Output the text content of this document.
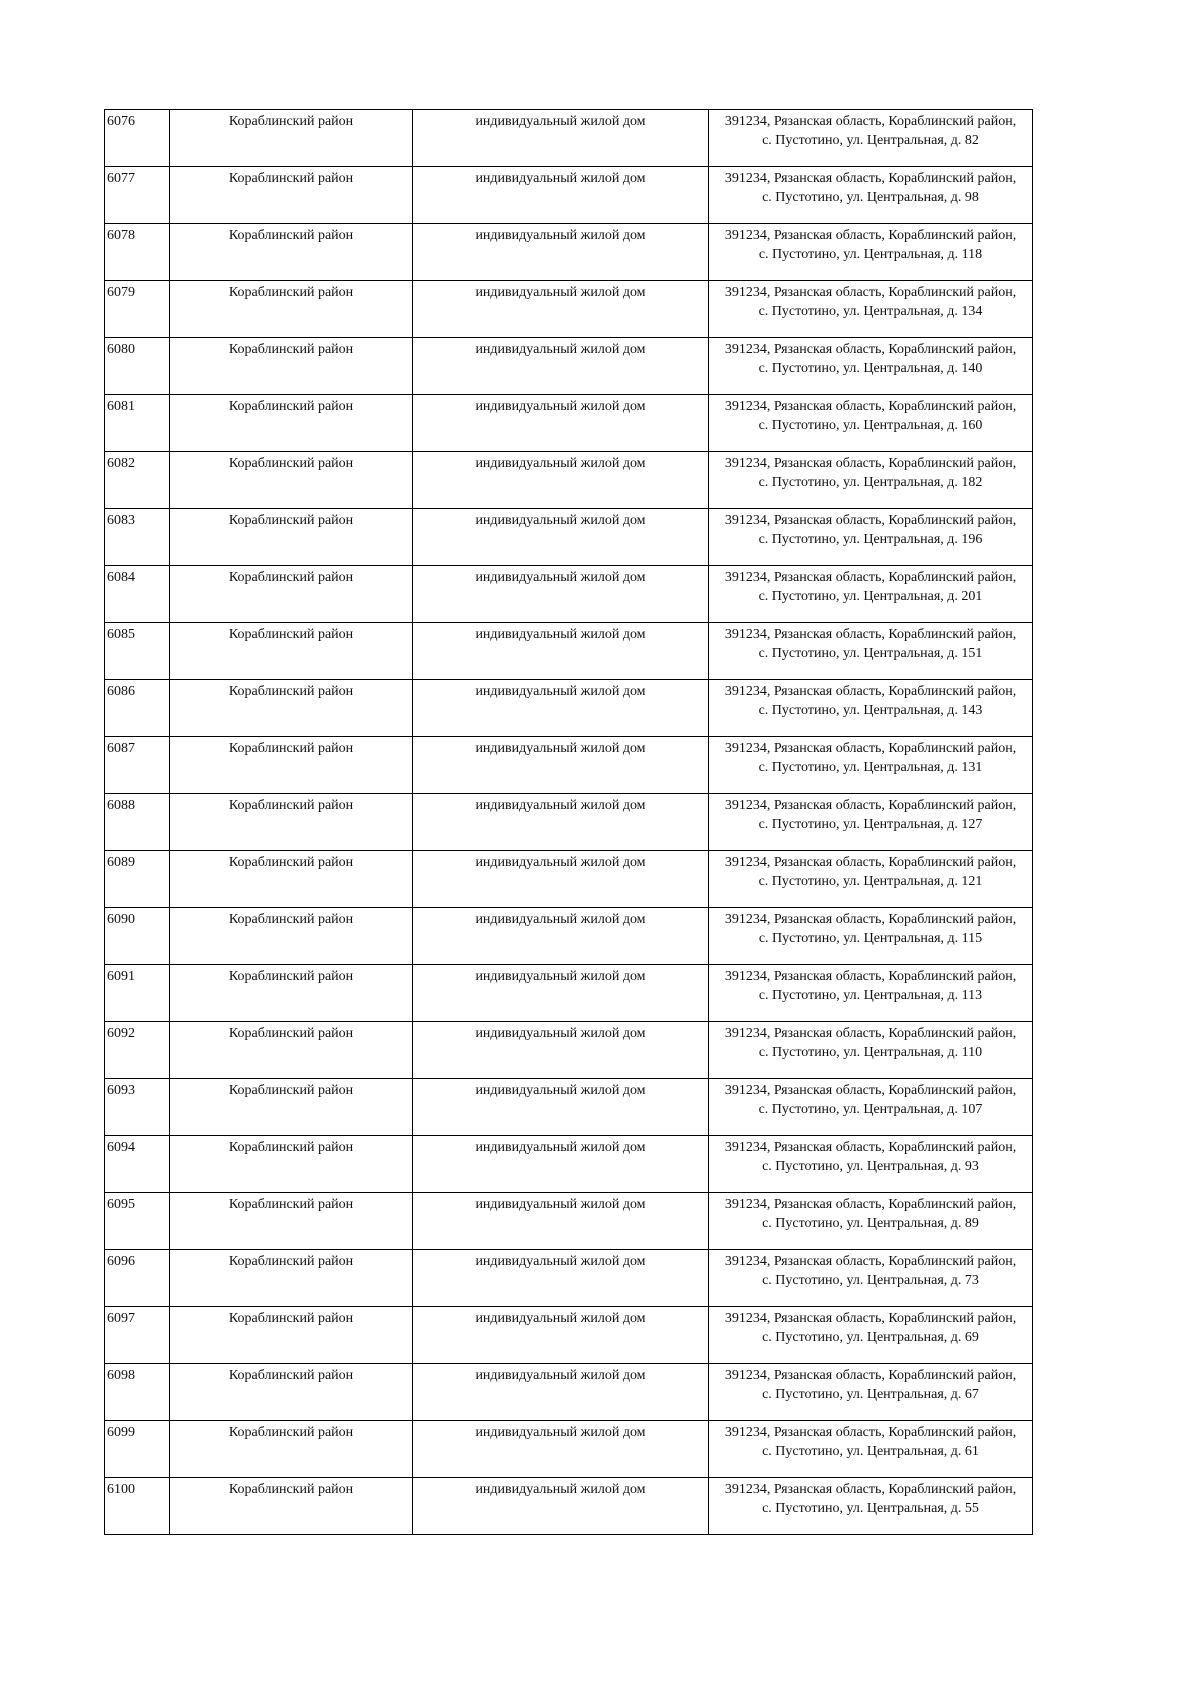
6076	Кораблинский район	индивидуальный жилой дом	391234, Рязанская область, Кораблинский район,
с. Пустотино, ул. Центральная, д. 82

6077	Кораблинский район	индивидуальный жилой дом	391234, Рязанская область, Кораблинский район,
с. Пустотино, ул. Центральная, д. 98

6078	Кораблинский район	индивидуальный жилой дом	391234, Рязанская область, Кораблинский район,
с. Пустотино, ул. Центральная, д. 118

6079	Кораблинский район	индивидуальный жилой дом	391234, Рязанская область, Кораблинский район,
с. Пустотино, ул. Центральная, д. 134

6080	Кораблинский район	индивидуальный жилой дом	391234, Рязанская область, Кораблинский район,
с. Пустотино, ул. Центральная, д. 140

6081	Кораблинский район	индивидуальный жилой дом	391234, Рязанская область, Кораблинский район,
с. Пустотино, ул. Центральная, д. 160

6082	Кораблинский район	индивидуальный жилой дом	391234, Рязанская область, Кораблинский район,
с. Пустотино, ул. Центральная, д. 182

6083	Кораблинский район	индивидуальный жилой дом	391234, Рязанская область, Кораблинский район,
с. Пустотино, ул. Центральная, д. 196

6084	Кораблинский район	индивидуальный жилой дом	391234, Рязанская область, Кораблинский район,
с. Пустотино, ул. Центральная, д. 201

6085	Кораблинский район	индивидуальный жилой дом	391234, Рязанская область, Кораблинский район,
с. Пустотино, ул. Центральная, д. 151

6086	Кораблинский район	индивидуальный жилой дом	391234, Рязанская область, Кораблинский район,
с. Пустотино, ул. Центральная, д. 143

6087	Кораблинский район	индивидуальный жилой дом	391234, Рязанская область, Кораблинский район,
с. Пустотино, ул. Центральная, д. 131

6088	Кораблинский район	индивидуальный жилой дом	391234, Рязанская область, Кораблинский район,
с. Пустотино, ул. Центральная, д. 127

6089	Кораблинский район	индивидуальный жилой дом	391234, Рязанская область, Кораблинский район,
с. Пустотино, ул. Центральная, д. 121

6090	Кораблинский район	индивидуальный жилой дом	391234, Рязанская область, Кораблинский район,
с. Пустотино, ул. Центральная, д. 115

6091	Кораблинский район	индивидуальный жилой дом	391234, Рязанская область, Кораблинский район,
с. Пустотино, ул. Центральная, д. 113

6092	Кораблинский район	индивидуальный жилой дом	391234, Рязанская область, Кораблинский район,
с. Пустотино, ул. Центральная, д. 110

6093	Кораблинский район	индивидуальный жилой дом	391234, Рязанская область, Кораблинский район,
с. Пустотино, ул. Центральная, д. 107

6094	Кораблинский район	индивидуальный жилой дом	391234, Рязанская область, Кораблинский район,
с. Пустотино, ул. Центральная, д. 93

6095	Кораблинский район	индивидуальный жилой дом	391234, Рязанская область, Кораблинский район,
с. Пустотино, ул. Центральная, д. 89

6096	Кораблинский район	индивидуальный жилой дом	391234, Рязанская область, Кораблинский район,
с. Пустотино, ул. Центральная, д. 73

6097	Кораблинский район	индивидуальный жилой дом	391234, Рязанская область, Кораблинский район,
с. Пустотино, ул. Центральная, д. 69

6098	Кораблинский район	индивидуальный жилой дом	391234, Рязанская область, Кораблинский район,
с. Пустотино, ул. Центральная, д. 67

6099	Кораблинский район	индивидуальный жилой дом	391234, Рязанская область, Кораблинский район,
с. Пустотино, ул. Центральная, д. 61

6100	Кораблинский район	индивидуальный жилой дом	391234, Рязанская область, Кораблинский район,
с. Пустотино, ул. Центральная, д. 55
